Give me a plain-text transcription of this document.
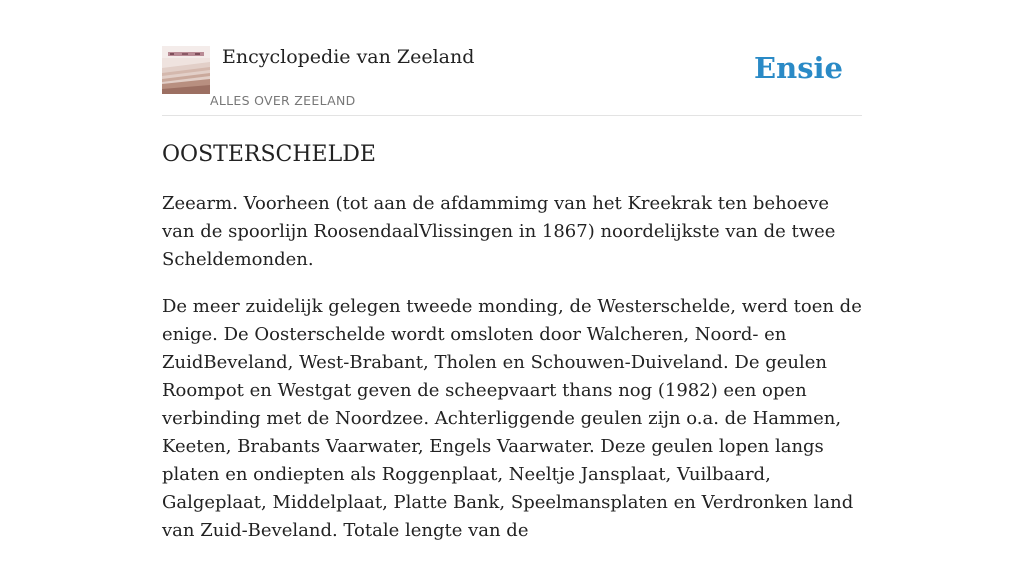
Encyclopedie van Zeeland
ALLES OVER ZEELAND
Ensie
OOSTERSCHELDE

Zeearm. Voorheen (tot aan de afdammimg van het Kreekrak ten behoeve van de spoorlijn RoosendaalVlissingen in 1867) noordelijkste van de twee Scheldemonden.

De meer zuidelijk gelegen tweede monding, de Westerschelde, werd toen de enige. De Oosterschelde wordt omsloten door Walcheren, Noord- en ZuidBeveland, West-Brabant, Tholen en Schouwen-Duiveland. De geulen Roompot en Westgat geven de scheepvaart thans nog (1982) een open verbinding met de Noordzee. Achterliggende geulen zijn o.a. de Hammen, Keeten, Brabants Vaarwater, Engels Vaarwater. Deze geulen lopen langs platen en ondiepten als Roggenplaat, Neeltje Jansplaat, Vuilbaard, Galgeplaat, Middelplaat, Platte Bank, Speelmansplaten en Verdronken land van Zuid-Beveland. Totale lengte van de
